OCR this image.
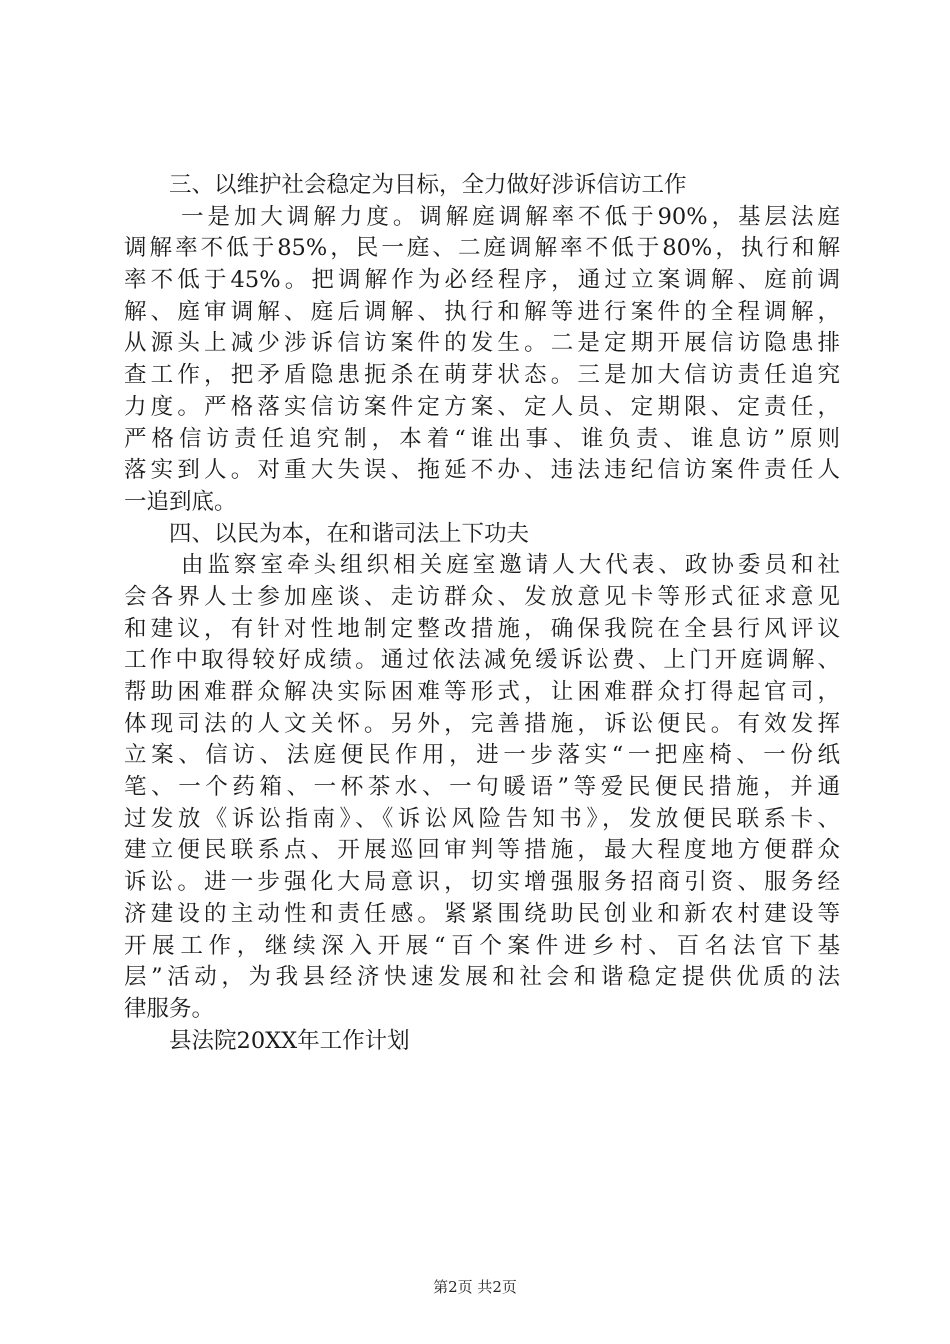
三、以维护社会稳定为目标，全力做好涉诉信访工作
一是加大调解力度。调解庭调解率不低于90%，基层法庭
调解率不低于85%，民一庭、二庭调解率不低于80%，执行和解
率不低于45%。把调解作为必经程序，通过立案调解、庭前调
解、庭审调解、庭后调解、执行和解等进行案件的全程调解，
从源头上减少涉诉信访案件的发生。二是定期开展信访隐患排
查工作，把矛盾隐患扼杀在萌芽状态。三是加大信访责任追究
力度。严格落实信访案件定方案、定人员、定期限、定责任，
严格信访责任追究制，本着“谁出事、谁负责、谁息访”原则
落实到人。对重大失误、拖延不办、违法违纪信访案件责任人
一追到底。
四、以民为本，在和谐司法上下功夫
由监察室牵头组织相关庭室邀请人大代表、政协委员和社
会各界人士参加座谈、走访群众、发放意见卡等形式征求意见
和建议，有针对性地制定整改措施，确保我院在全县行风评议
工作中取得较好成绩。通过依法减免缓诉讼费、上门开庭调解、
帮助困难群众解决实际困难等形式，让困难群众打得起官司，
体现司法的人文关怀。另外，完善措施，诉讼便民。有效发挥
立案、信访、法庭便民作用，进一步落实“一把座椅、一份纸
笔、一个药箱、一杯茶水、一句暖语”等爱民便民措施，并通
过发放《诉讼指南》、《诉讼风险告知书》，发放便民联系卡、
建立便民联系点、开展巡回审判等措施，最大程度地方便群众
诉讼。进一步强化大局意识，切实增强服务招商引资、服务经
济建设的主动性和责任感。紧紧围绕助民创业和新农村建设等
开展工作，继续深入开展“百个案件进乡村、百名法官下基
层”活动，为我县经济快速发展和社会和谐稳定提供优质的法
律服务。
县法院20XX年工作计划
第2页 共2页
